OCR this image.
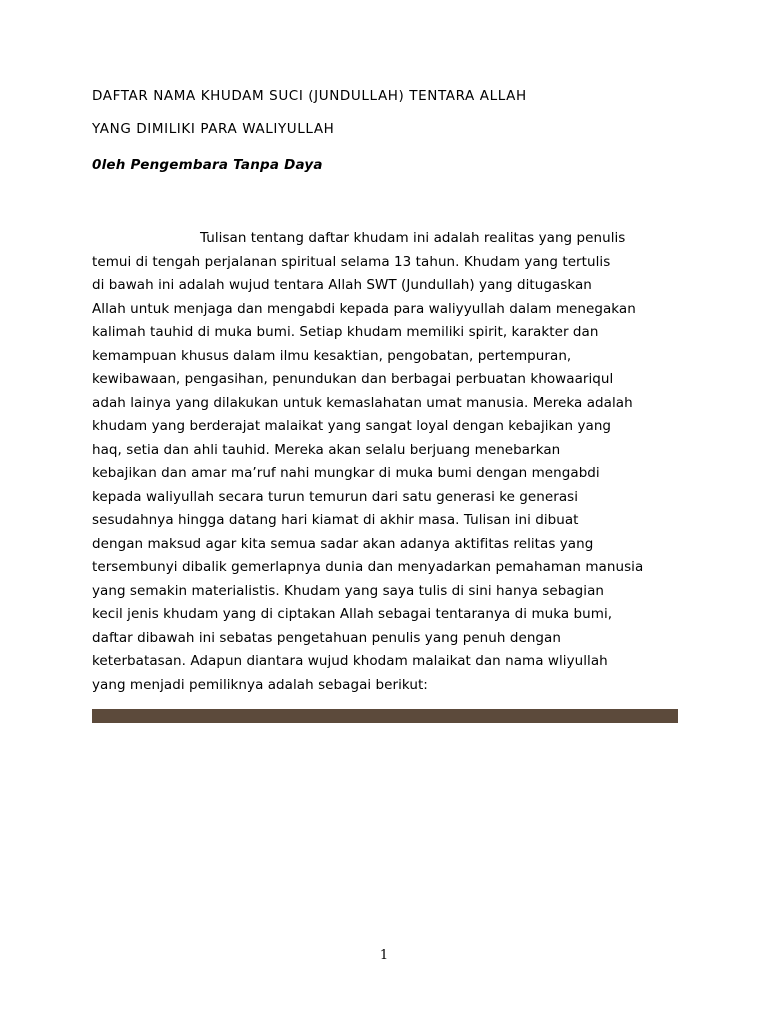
DAFTAR NAMA KHUDAM SUCI (JUNDULLAH) TENTARA ALLAH
YANG DIMILIKI PARA WALIYULLAH
0leh Pengembara Tanpa Daya
Tulisan tentang daftar khudam ini adalah realitas yang penulis
temui di tengah perjalanan spiritual selama 13 tahun. Khudam yang tertulis
di bawah ini adalah wujud tentara Allah SWT (Jundullah) yang ditugaskan
Allah untuk menjaga dan mengabdi kepada para waliyyullah dalam menegakan
kalimah tauhid di muka bumi. Setiap khudam memiliki spirit, karakter dan
kemampuan khusus dalam ilmu kesaktian, pengobatan, pertempuran,
kewibawaan, pengasihan, penundukan dan berbagai perbuatan khowaariqul
adah lainya yang dilakukan untuk kemaslahatan umat manusia. Mereka adalah
khudam yang berderajat malaikat yang sangat loyal dengan kebajikan yang
haq, setia dan ahli tauhid. Mereka akan selalu berjuang menebarkan
kebajikan dan amar ma’ruf nahi mungkar di muka bumi dengan mengabdi
kepada waliyullah secara turun temurun dari satu generasi ke generasi
sesudahnya hingga datang hari kiamat di akhir masa. Tulisan ini dibuat
dengan maksud agar kita semua sadar akan adanya aktifitas relitas yang
tersembunyi dibalik gemerlapnya dunia dan menyadarkan pemahaman manusia
yang semakin materialistis. Khudam yang saya tulis di sini hanya sebagian
kecil jenis khudam yang di ciptakan Allah sebagai tentaranya di muka bumi,
daftar dibawah ini sebatas pengetahuan penulis yang penuh dengan
keterbatasan. Adapun diantara wujud khodam malaikat dan nama wliyullah
yang menjadi pemiliknya adalah sebagai berikut:
1
